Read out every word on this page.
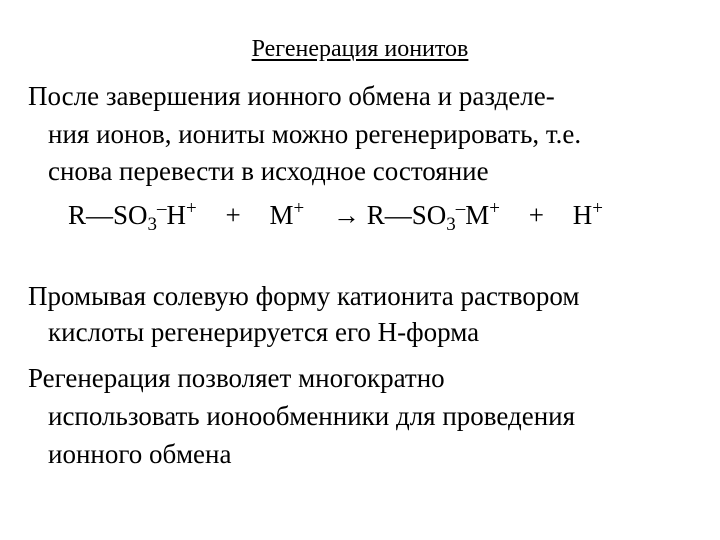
Регенерация ионитов
После завершения ионного обмена и разделе-
ния ионов, иониты можно регенерировать, т.е.
снова перевести в исходное состояние
$R—SO_3^-H^+ + M^+$ → $R—SO_3^-M^+ + H^+$
Промывая солевую форму катионита раствором
кислоты регенерируется его Н-форма
Регенерация позволяет многократно
использовать ионообменники для проведения
ионного обмена
